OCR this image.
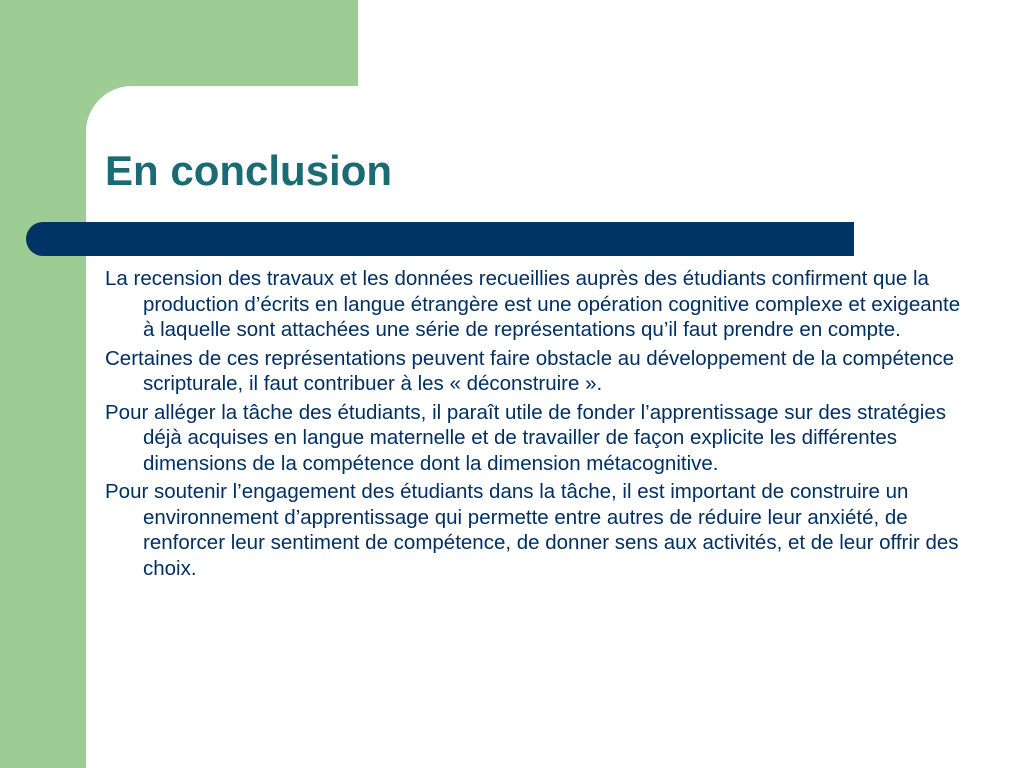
En conclusion
La recension des travaux et les données recueillies auprès des étudiants confirment que la production d’écrits en langue étrangère est une opération cognitive complexe et exigeante à laquelle sont attachées une série de représentations qu’il faut prendre en compte.
Certaines de ces représentations peuvent faire obstacle au développement de la compétence scripturale, il faut contribuer à les « déconstruire ».
Pour alléger la tâche des étudiants, il paraît utile de fonder l’apprentissage sur des stratégies déjà acquises en langue maternelle et de travailler de façon explicite les différentes dimensions de la compétence dont la dimension métacognitive.
Pour soutenir l’engagement des étudiants dans la tâche, il est important de construire un environnement d’apprentissage qui permette entre autres de réduire leur anxiété, de renforcer leur sentiment de compétence, de donner sens aux activités, et de leur offrir des choix.
